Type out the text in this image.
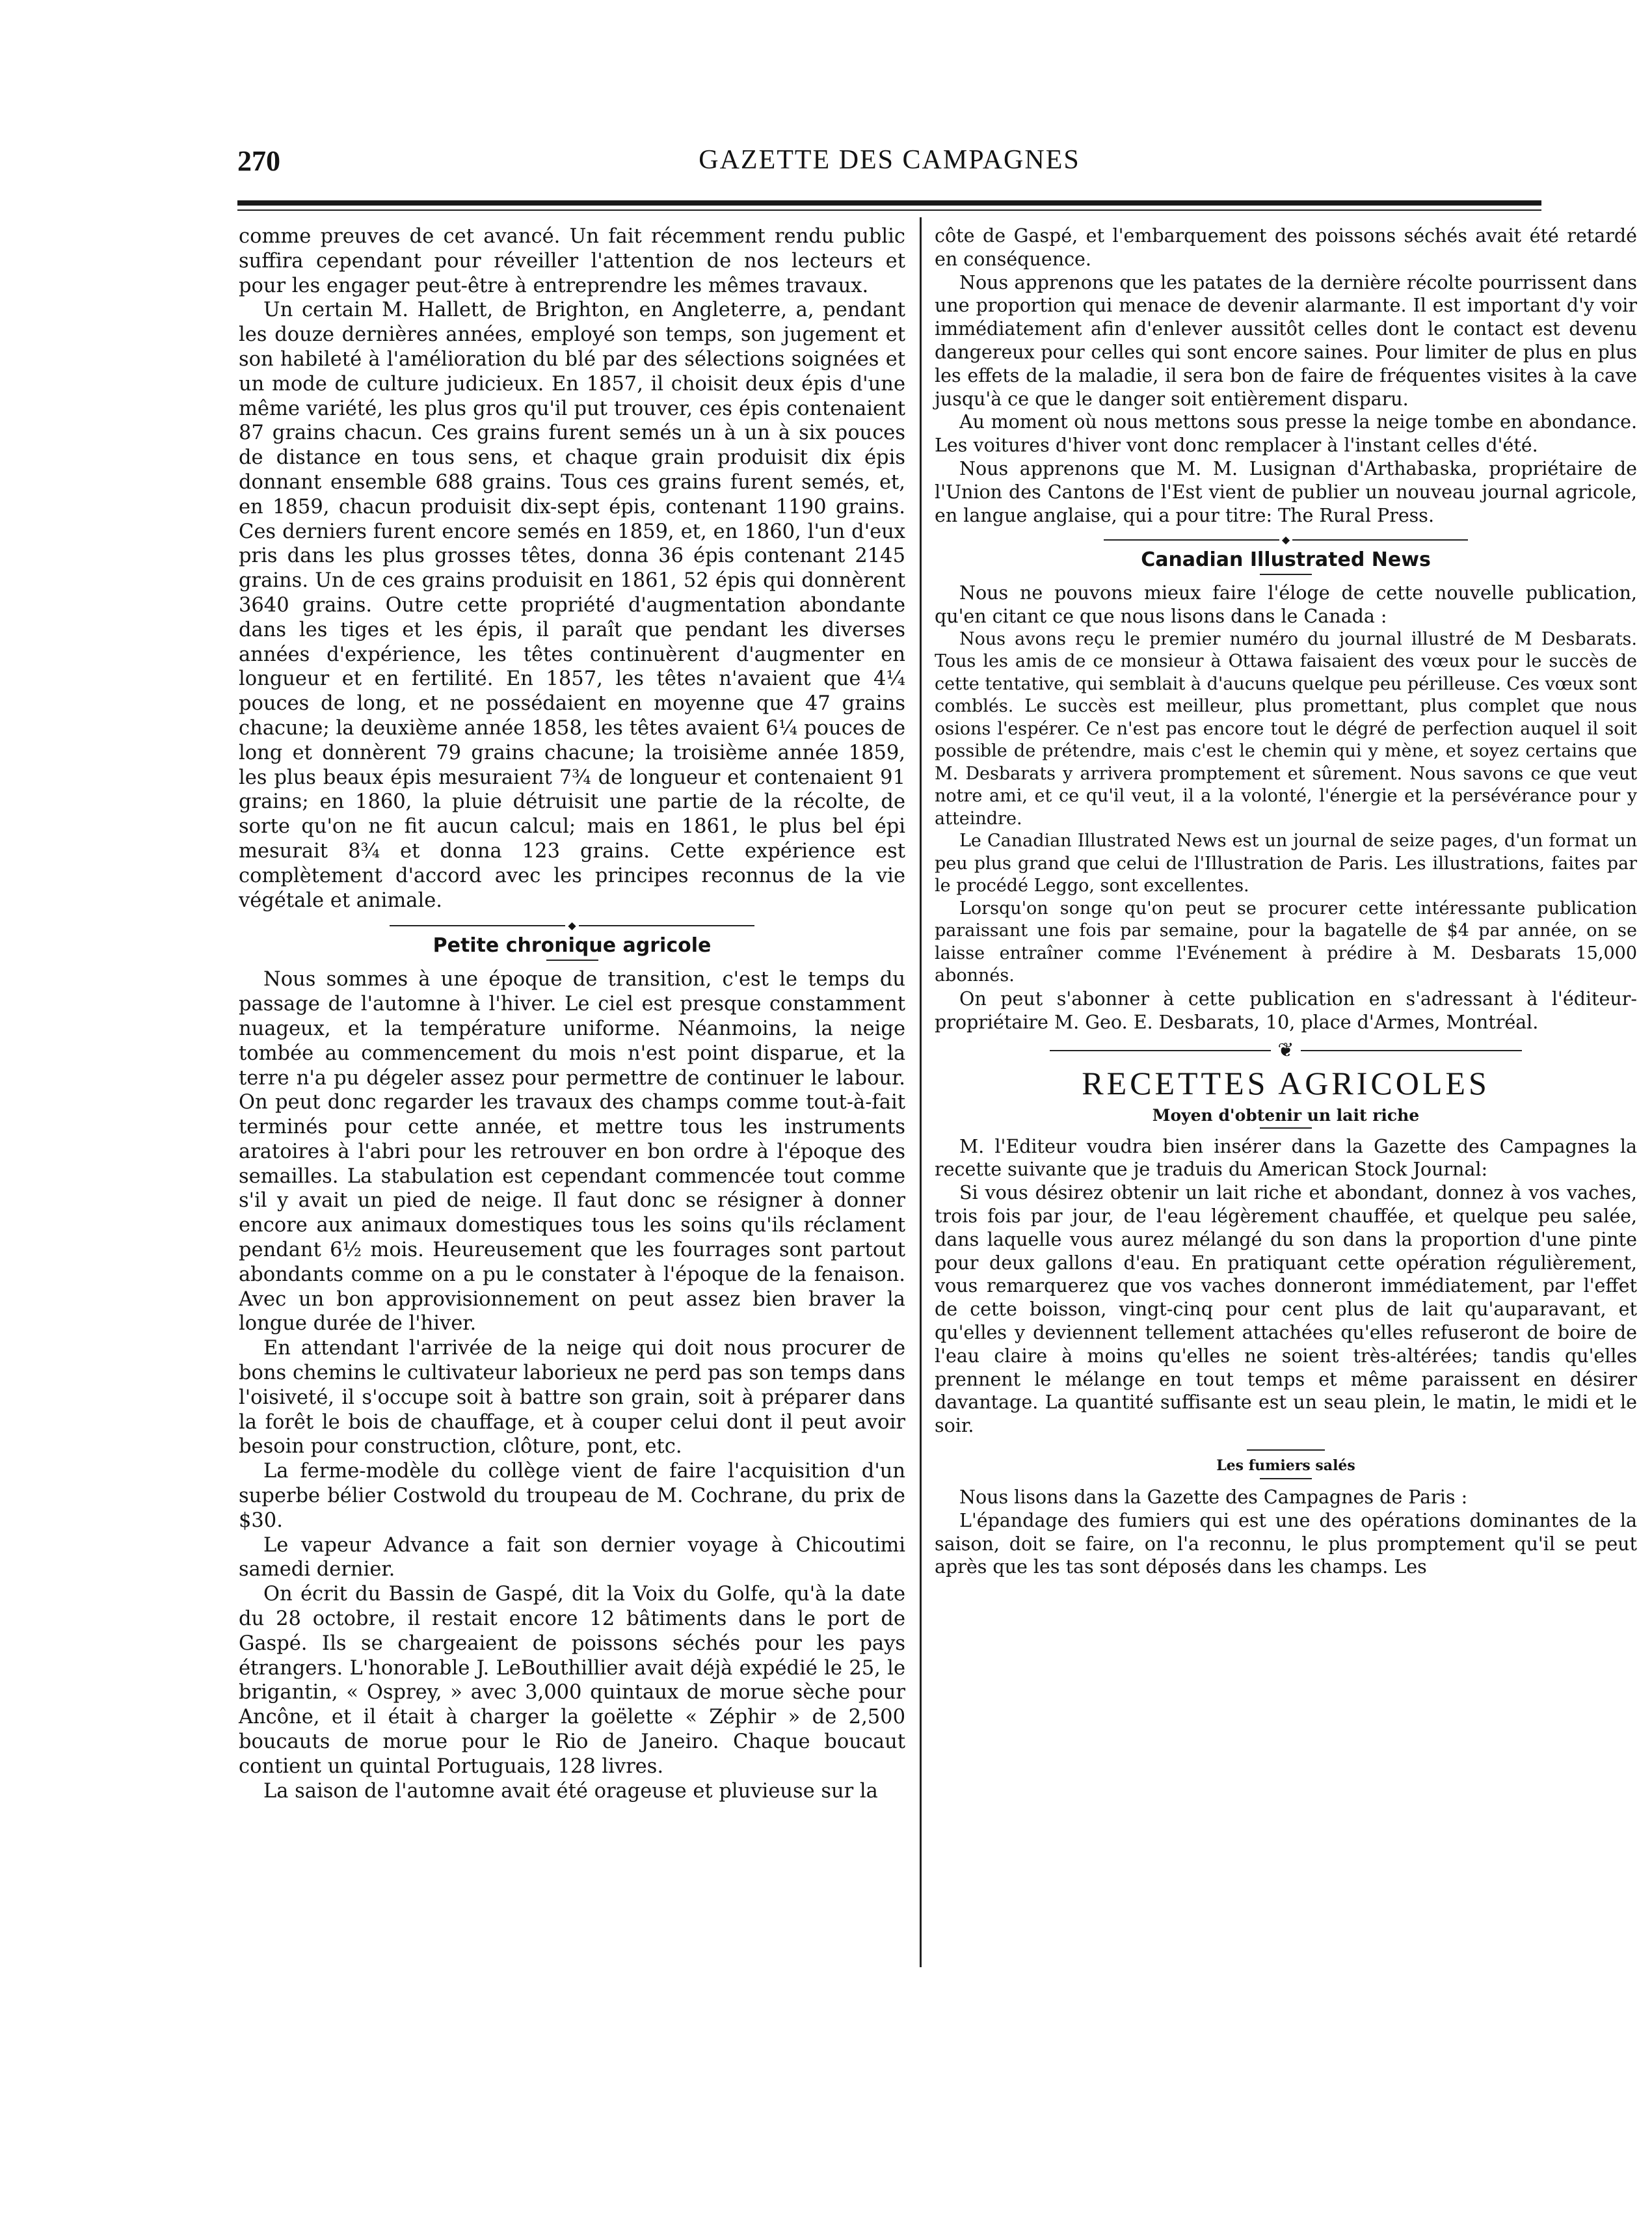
270	GAZETTE DES CAMPAGNES

comme preuves de cet avancé. Un fait récemment rendu public suffira cependant pour réveiller l'attention de nos lecteurs et pour les engager peut-être à entreprendre les mêmes travaux.

Un certain M. Hallett, de Brighton, en Angleterre, a, pendant les douze dernières années, employé son temps, son jugement et son habileté à l'amélioration du blé par des sélections soignées et un mode de culture judicieux. En 1857, il choisit deux épis d'une même variété, les plus gros qu'il put trouver, ces épis contenaient 87 grains chacun. Ces grains furent semés un à un à six pouces de distance en tous sens, et chaque grain produisit dix épis donnant ensemble 688 grains. Tous ces grains furent semés, et, en 1859, chacun produisit dix-sept épis, contenant 1190 grains. Ces derniers furent encore semés en 1859, et, en 1860, l'un d'eux pris dans les plus grosses têtes, donna 36 épis contenant 2145 grains. Un de ces grains produisit en 1861, 52 épis qui donnèrent 3640 grains. Outre cette propriété d'augmentation abondante dans les tiges et les épis, il paraît que pendant les diverses années d'expérience, les têtes continuèrent d'augmenter en longueur et en fertilité. En 1857, les têtes n'avaient que 4¼ pouces de long, et ne possédaient en moyenne que 47 grains chacune; la deuxième année 1858, les têtes avaient 6¼ pouces de long et donnèrent 79 grains chacune; la troisième année 1859, les plus beaux épis mesuraient 7¾ de longueur et contenaient 91 grains; en 1860, la pluie détruisit une partie de la récolte, de sorte qu'on ne fit aucun calcul; mais en 1861, le plus bel épi mesurait 8¾ et donna 123 grains. Cette expérience est complètement d'accord avec les principes reconnus de la vie végétale et animale.

◆
Petite chronique agricole

Nous sommes à une époque de transition, c'est le temps du passage de l'automne à l'hiver. Le ciel est presque constamment nuageux, et la température uniforme. Néanmoins, la neige tombée au commencement du mois n'est point disparue, et la terre n'a pu dégeler assez pour permettre de continuer le labour. On peut donc regarder les travaux des champs comme tout-à-fait terminés pour cette année, et mettre tous les instruments aratoires à l'abri pour les retrouver en bon ordre à l'époque des semailles. La stabulation est cependant commencée tout comme s'il y avait un pied de neige. Il faut donc se résigner à donner encore aux animaux domestiques tous les soins qu'ils réclament pendant 6½ mois. Heureusement que les fourrages sont partout abondants comme on a pu le constater à l'époque de la fenaison. Avec un bon approvisionnement on peut assez bien braver la longue durée de l'hiver.

En attendant l'arrivée de la neige qui doit nous procurer de bons chemins le cultivateur laborieux ne perd pas son temps dans l'oisiveté, il s'occupe soit à battre son grain, soit à préparer dans la forêt le bois de chauffage, et à couper celui dont il peut avoir besoin pour construction, clôture, pont, etc.

La ferme-modèle du collège vient de faire l'acquisition d'un superbe bélier Costwold du troupeau de M. Cochrane, du prix de $30.

Le vapeur Advance a fait son dernier voyage à Chicoutimi samedi dernier.

On écrit du Bassin de Gaspé, dit la Voix du Golfe, qu'à la date du 28 octobre, il restait encore 12 bâtiments dans le port de Gaspé. Ils se chargeaient de poissons séchés pour les pays étrangers. L'honorable J. LeBouthillier avait déjà expédié le 25, le brigantin, « Osprey, » avec 3,000 quintaux de morue sèche pour Ancône, et il était à charger la goëlette « Zéphir » de 2,500 boucauts de morue pour le Rio de Janeiro. Chaque boucaut contient un quintal Portuguais, 128 livres.

La saison de l'automne avait été orageuse et pluvieuse sur la

côte de Gaspé, et l'embarquement des poissons séchés avait été retardé en conséquence.

Nous apprenons que les patates de la dernière récolte pourrissent dans une proportion qui menace de devenir alarmante. Il est important d'y voir immédiatement afin d'enlever aussitôt celles dont le contact est devenu dangereux pour celles qui sont encore saines. Pour limiter de plus en plus les effets de la maladie, il sera bon de faire de fréquentes visites à la cave jusqu'à ce que le danger soit entièrement disparu.

Au moment où nous mettons sous presse la neige tombe en abondance. Les voitures d'hiver vont donc remplacer à l'instant celles d'été.

Nous apprenons que M. M. Lusignan d'Arthabaska, propriétaire de l'Union des Cantons de l'Est vient de publier un nouveau journal agricole, en langue anglaise, qui a pour titre: The Rural Press.

◆
Canadian Illustrated News

Nous ne pouvons mieux faire l'éloge de cette nouvelle publication, qu'en citant ce que nous lisons dans le Canada :

Nous avons reçu le premier numéro du journal illustré de M Desbarats. Tous les amis de ce monsieur à Ottawa faisaient des vœux pour le succès de cette tentative, qui semblait à d'aucuns quelque peu périlleuse. Ces vœux sont comblés. Le succès est meilleur, plus promettant, plus complet que nous osions l'espérer. Ce n'est pas encore tout le dégré de perfection auquel il soit possible de prétendre, mais c'est le chemin qui y mène, et soyez certains que M. Desbarats y arrivera promptement et sûrement. Nous savons ce que veut notre ami, et ce qu'il veut, il a la volonté, l'énergie et la persévérance pour y atteindre.

Le Canadian Illustrated News est un journal de seize pages, d'un format un peu plus grand que celui de l'Illustration de Paris. Les illustrations, faites par le procédé Leggo, sont excellentes.

Lorsqu'on songe qu'on peut se procurer cette intéressante publication paraissant une fois par semaine, pour la bagatelle de $4 par année, on se laisse entraîner comme l'Evénement à prédire à M. Desbarats 15,000 abonnés.

On peut s'abonner à cette publication en s'adressant à l'éditeur-propriétaire M. Geo. E. Desbarats, 10, place d'Armes, Montréal.

❦
RECETTES AGRICOLES
Moyen d'obtenir un lait riche

M. l'Editeur voudra bien insérer dans la Gazette des Campagnes la recette suivante que je traduis du American Stock Journal:

Si vous désirez obtenir un lait riche et abondant, donnez à vos vaches, trois fois par jour, de l'eau légèrement chauffée, et quelque peu salée, dans laquelle vous aurez mélangé du son dans la proportion d'une pinte pour deux gallons d'eau. En pratiquant cette opération régulièrement, vous remarquerez que vos vaches donneront immédiatement, par l'effet de cette boisson, vingt-cinq pour cent plus de lait qu'auparavant, et qu'elles y deviennent tellement attachées qu'elles refuseront de boire de l'eau claire à moins qu'elles ne soient très-altérées; tandis qu'elles prennent le mélange en tout temps et même paraissent en désirer davantage. La quantité suffisante est un seau plein, le matin, le midi et le soir.

Les fumiers salés

Nous lisons dans la Gazette des Campagnes de Paris :

L'épandage des fumiers qui est une des opérations dominantes de la saison, doit se faire, on l'a reconnu, le plus promptement qu'il se peut après que les tas sont déposés dans les champs. Les
